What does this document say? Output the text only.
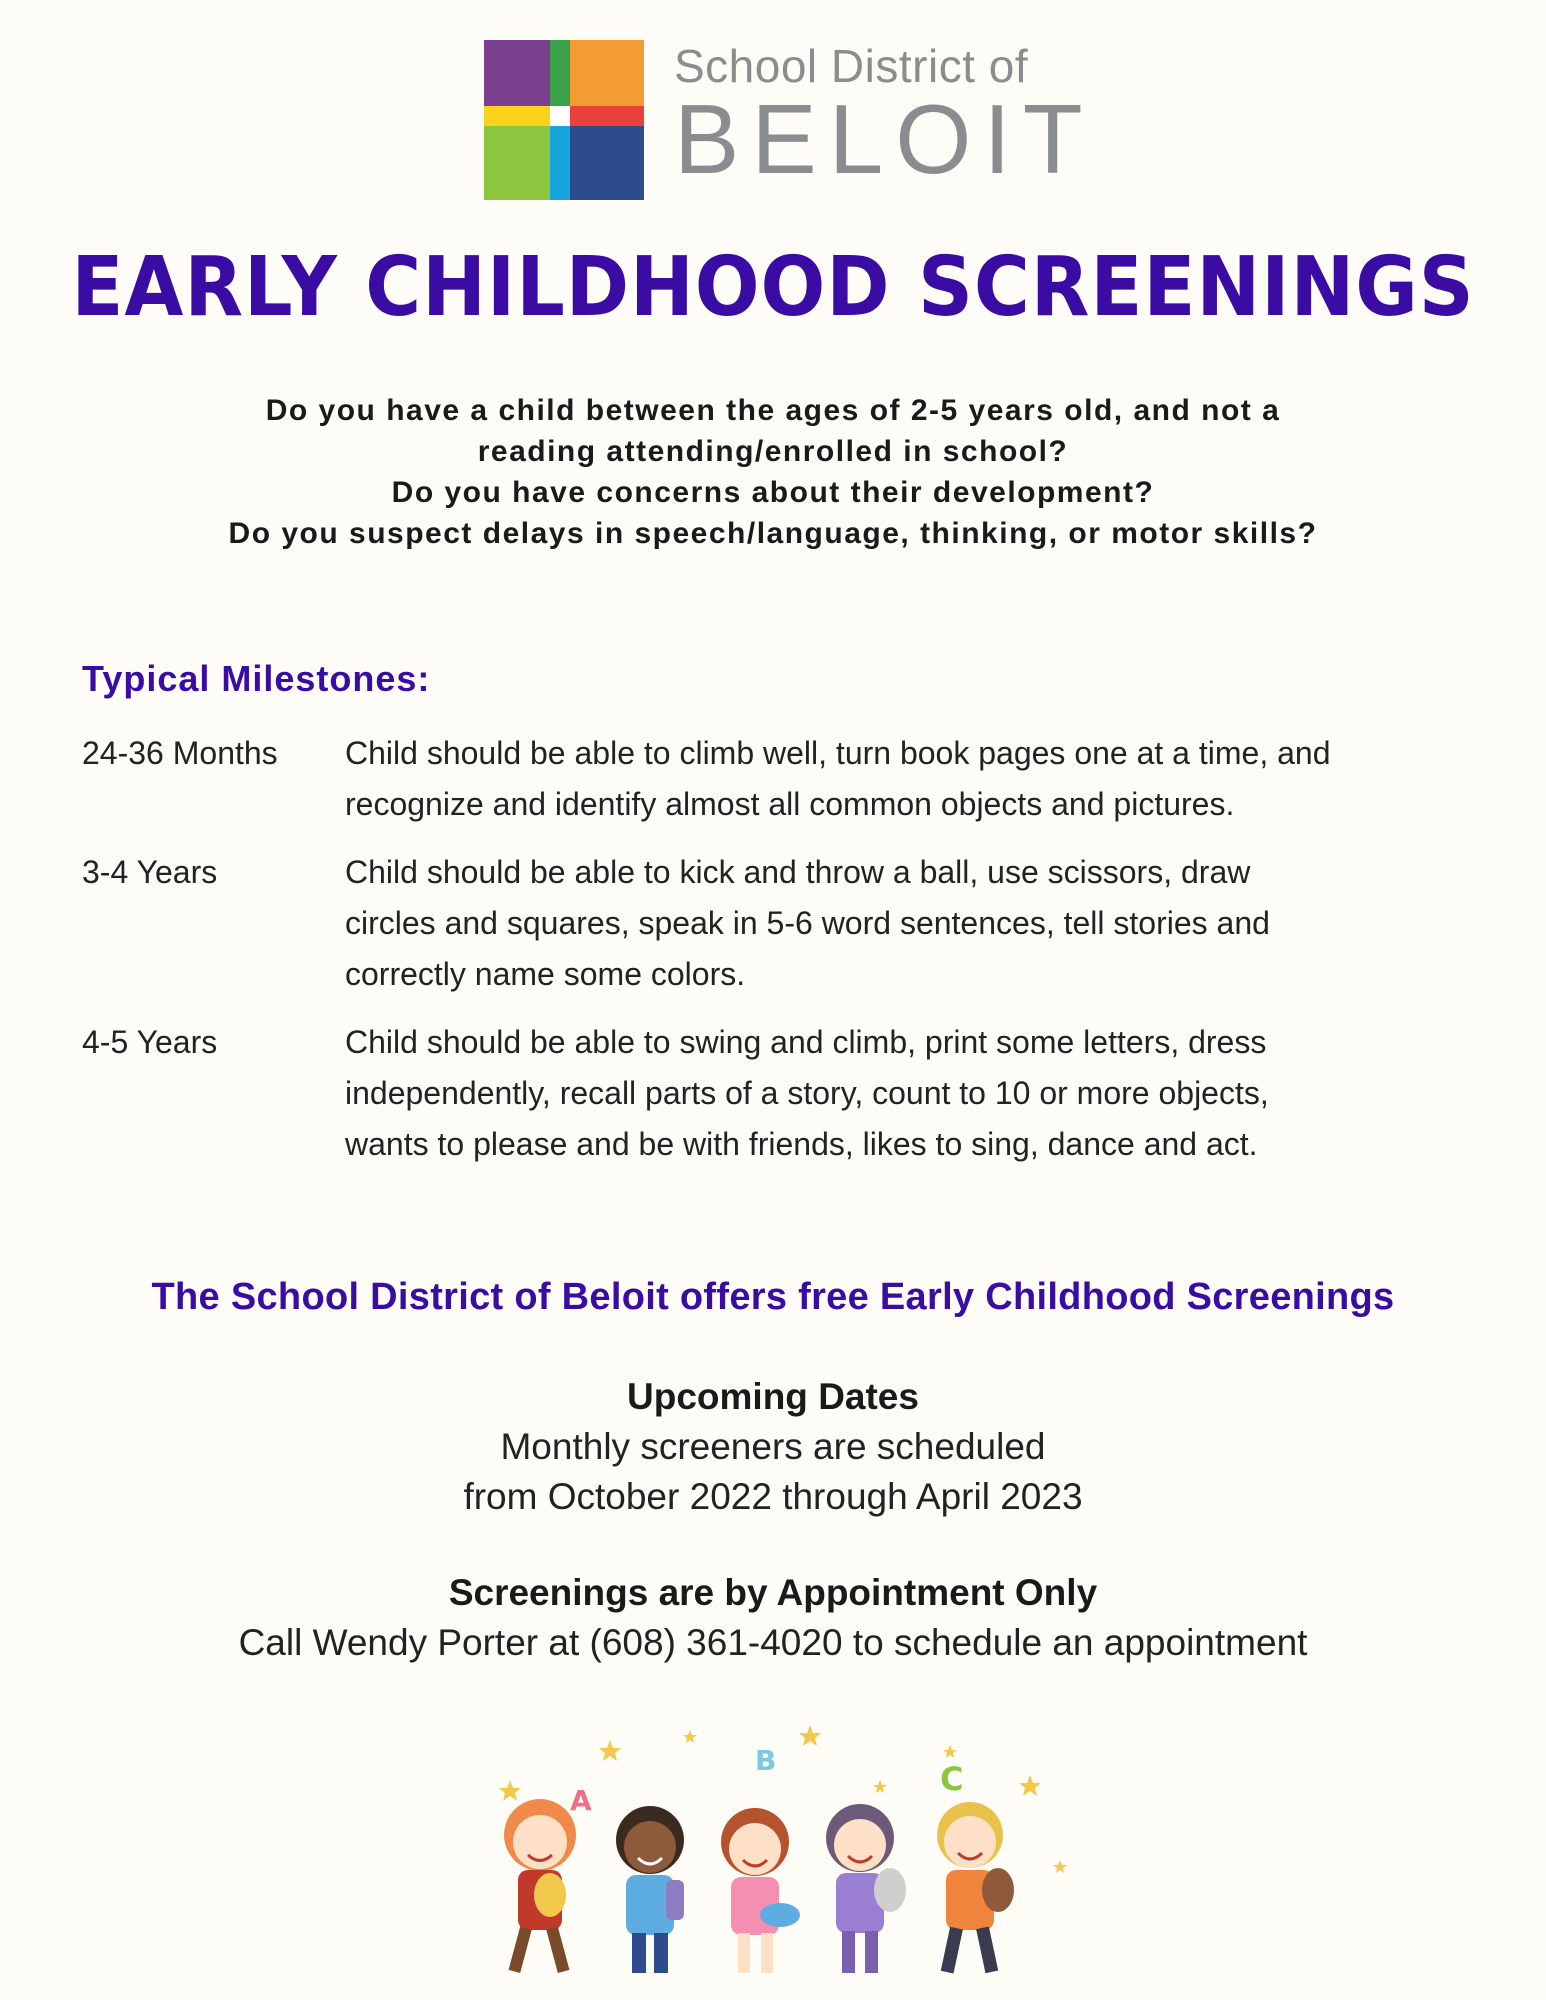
School District of
BELOIT
EARLY CHILDHOOD SCREENINGS
Do you have a child between the ages of 2-5 years old, and not a
reading attending/enrolled in school?
Do you have concerns about their development?
Do you suspect delays in speech/language, thinking, or motor skills?
Typical Milestones:
24-36 Months	Child should be able to climb well, turn book pages one at a time, and
recognize and identify almost all common objects and pictures.
3-4 Years	Child should be able to kick and throw a ball, use scissors, draw
circles and squares, speak in 5-6 word sentences, tell stories and
correctly name some colors.
4-5 Years	Child should be able to swing and climb, print some letters, dress
independently, recall parts of a story, count to 10 or more objects,
wants to please and be with friends, likes to sing, dance and act.
The School District of Beloit offers free Early Childhood Screenings
Upcoming Dates
Monthly screeners are scheduled
from October 2022 through April 2023
Screenings are by Appointment Only
Call Wendy Porter at (608) 361-4020 to schedule an appointment
A
B	C
